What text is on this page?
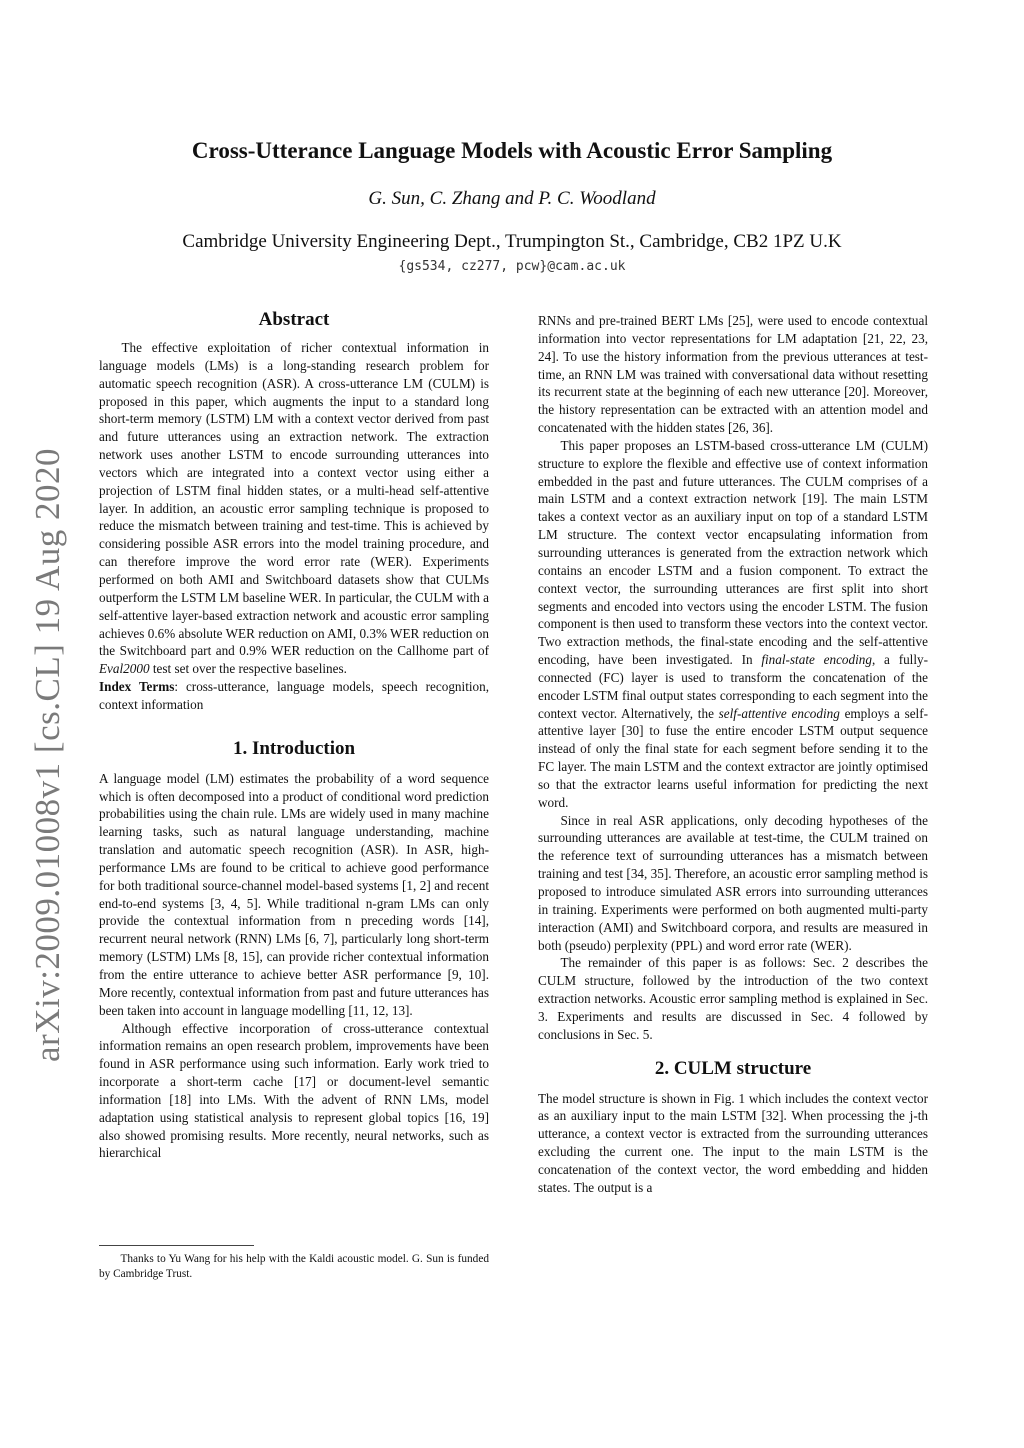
arXiv:2009.01008v1 [cs.CL] 19 Aug 2020
Cross-Utterance Language Models with Acoustic Error Sampling
G. Sun, C. Zhang and P. C. Woodland
Cambridge University Engineering Dept., Trumpington St., Cambridge, CB2 1PZ U.K
{gs534, cz277, pcw}@cam.ac.uk
Abstract

The effective exploitation of richer contextual information in language models (LMs) is a long-standing research problem for automatic speech recognition (ASR). A cross-utterance LM (CULM) is proposed in this paper, which augments the input to a standard long short-term memory (LSTM) LM with a context vector derived from past and future utterances using an extraction network. The extraction network uses another LSTM to encode surrounding utterances into vectors which are integrated into a context vector using either a projection of LSTM final hidden states, or a multi-head self-attentive layer. In addition, an acoustic error sampling technique is proposed to reduce the mismatch between training and test-time. This is achieved by considering possible ASR errors into the model training procedure, and can therefore improve the word error rate (WER). Experiments performed on both AMI and Switchboard datasets show that CULMs outperform the LSTM LM baseline WER. In particular, the CULM with a self-attentive layer-based extraction network and acoustic error sampling achieves 0.6% absolute WER reduction on AMI, 0.3% WER reduction on the Switchboard part and 0.9% WER reduction on the Callhome part of Eval2000 test set over the respective baselines.

Index Terms: cross-utterance, language models, speech recognition, context information

1. Introduction

A language model (LM) estimates the probability of a word sequence which is often decomposed into a product of conditional word prediction probabilities using the chain rule. LMs are widely used in many machine learning tasks, such as natural language understanding, machine translation and automatic speech recognition (ASR). In ASR, high-performance LMs are found to be critical to achieve good performance for both traditional source-channel model-based systems [1, 2] and recent end-to-end systems [3, 4, 5]. While traditional n-gram LMs can only provide the contextual information from n preceding words [14], recurrent neural network (RNN) LMs [6, 7], particularly long short-term memory (LSTM) LMs [8, 15], can provide richer contextual information from the entire utterance to achieve better ASR performance [9, 10]. More recently, contextual information from past and future utterances has been taken into account in language modelling [11, 12, 13].

Although effective incorporation of cross-utterance contextual information remains an open research problem, improvements have been found in ASR performance using such information. Early work tried to incorporate a short-term cache [17] or document-level semantic information [18] into LMs. With the advent of RNN LMs, model adaptation using statistical analysis to represent global topics [16, 19] also showed promising results. More recently, neural networks, such as hierarchical

Thanks to Yu Wang for his help with the Kaldi acoustic model. G. Sun is funded by Cambridge Trust.

RNNs and pre-trained BERT LMs [25], were used to encode contextual information into vector representations for LM adaptation [21, 22, 23, 24]. To use the history information from the previous utterances at test-time, an RNN LM was trained with conversational data without resetting its recurrent state at the beginning of each new utterance [20]. Moreover, the history representation can be extracted with an attention model and concatenated with the hidden states [26, 36].

This paper proposes an LSTM-based cross-utterance LM (CULM) structure to explore the flexible and effective use of context information embedded in the past and future utterances. The CULM comprises of a main LSTM and a context extraction network [19]. The main LSTM takes a context vector as an auxiliary input on top of a standard LSTM LM structure. The context vector encapsulating information from surrounding utterances is generated from the extraction network which contains an encoder LSTM and a fusion component. To extract the context vector, the surrounding utterances are first split into short segments and encoded into vectors using the encoder LSTM. The fusion component is then used to transform these vectors into the context vector. Two extraction methods, the final-state encoding and the self-attentive encoding, have been investigated. In final-state encoding, a fully-connected (FC) layer is used to transform the concatenation of the encoder LSTM final output states corresponding to each segment into the context vector. Alternatively, the self-attentive encoding employs a self-attentive layer [30] to fuse the entire encoder LSTM output sequence instead of only the final state for each segment before sending it to the FC layer. The main LSTM and the context extractor are jointly optimised so that the extractor learns useful information for predicting the next word.

Since in real ASR applications, only decoding hypotheses of the surrounding utterances are available at test-time, the CULM trained on the reference text of surrounding utterances has a mismatch between training and test [34, 35]. Therefore, an acoustic error sampling method is proposed to introduce simulated ASR errors into surrounding utterances in training. Experiments were performed on both augmented multi-party interaction (AMI) and Switchboard corpora, and results are measured in both (pseudo) perplexity (PPL) and word error rate (WER).

The remainder of this paper is as follows: Sec. 2 describes the CULM structure, followed by the introduction of the two context extraction networks. Acoustic error sampling method is explained in Sec. 3. Experiments and results are discussed in Sec. 4 followed by conclusions in Sec. 5.

2. CULM structure

The model structure is shown in Fig. 1 which includes the context vector as an auxiliary input to the main LSTM [32]. When processing the j-th utterance, a context vector is extracted from the surrounding utterances excluding the current one. The input to the main LSTM is the concatenation of the context vector, the word embedding and hidden states. The output is a
